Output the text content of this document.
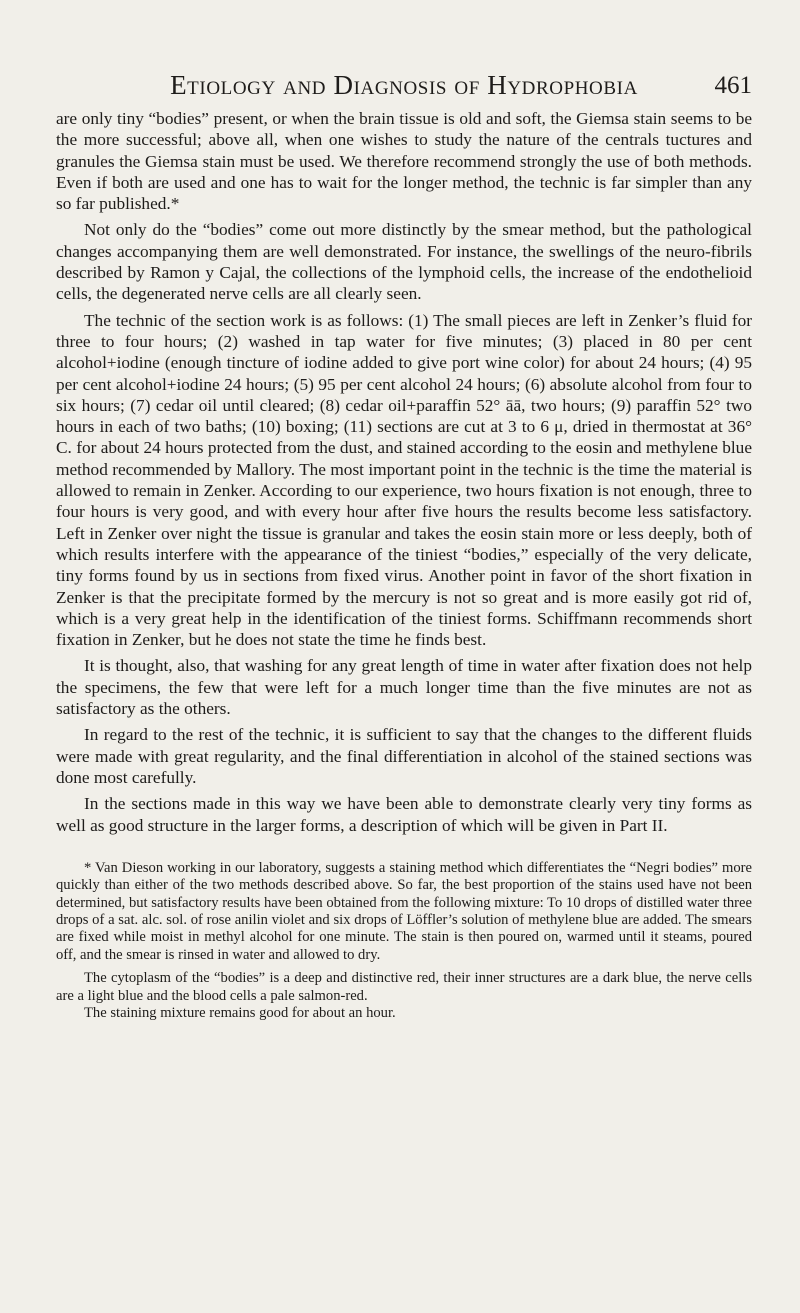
Etiology and Diagnosis of Hydrophobia	461

are only tiny “bodies” present, or when the brain tissue is old and soft, the Giemsa stain seems to be the more successful; above all, when one wishes to study the nature of the centrals tuctures and granules the Giemsa stain must be used. We therefore recommend strongly the use of both methods. Even if both are used and one has to wait for the longer method, the technic is far simpler than any so far published.*

Not only do the “bodies” come out more distinctly by the smear method, but the pathological changes accompanying them are well demonstrated. For instance, the swellings of the neuro-fibrils described by Ramon y Cajal, the collections of the lymphoid cells, the increase of the endothelioid cells, the degenerated nerve cells are all clearly seen.

The technic of the section work is as follows: (1) The small pieces are left in Zenker’s fluid for three to four hours; (2) washed in tap water for five minutes; (3) placed in 80 per cent alcohol+iodine (enough tincture of iodine added to give port wine color) for about 24 hours; (4) 95 per cent alcohol+iodine 24 hours; (5) 95 per cent alcohol 24 hours; (6) absolute alcohol from four to six hours; (7) cedar oil until cleared; (8) cedar oil+paraffin 52° āā, two hours; (9) paraffin 52° two hours in each of two baths; (10) boxing; (11) sections are cut at 3 to 6 μ, dried in thermostat at 36° C. for about 24 hours protected from the dust, and stained according to the eosin and methylene blue method recommended by Mallory. The most important point in the technic is the time the material is allowed to remain in Zenker. According to our experience, two hours fixation is not enough, three to four hours is very good, and with every hour after five hours the results become less satisfactory. Left in Zenker over night the tissue is granular and takes the eosin stain more or less deeply, both of which results interfere with the appearance of the tiniest “bodies,” especially of the very delicate, tiny forms found by us in sections from fixed virus. Another point in favor of the short fixation in Zenker is that the precipitate formed by the mercury is not so great and is more easily got rid of, which is a very great help in the identification of the tiniest forms. Schiffmann recommends short fixation in Zenker, but he does not state the time he finds best.

It is thought, also, that washing for any great length of time in water after fixation does not help the specimens, the few that were left for a much longer time than the five minutes are not as satisfactory as the others.

In regard to the rest of the technic, it is sufficient to say that the changes to the different fluids were made with great regularity, and the final differentiation in alcohol of the stained sections was done most carefully.

In the sections made in this way we have been able to demonstrate clearly very tiny forms as well as good structure in the larger forms, a description of which will be given in Part II.

* Van Dieson working in our laboratory, suggests a staining method which differentiates the “Negri bodies” more quickly than either of the two methods described above. So far, the best proportion of the stains used have not been determined, but satisfactory results have been obtained from the following mixture: To 10 drops of distilled water three drops of a sat. alc. sol. of rose anilin violet and six drops of Löffler’s solution of methylene blue are added. The smears are fixed while moist in methyl alcohol for one minute. The stain is then poured on, warmed until it steams, poured off, and the smear is rinsed in water and allowed to dry.

The cytoplasm of the “bodies” is a deep and distinctive red, their inner structures are a dark blue, the nerve cells are a light blue and the blood cells a pale salmon-red.

The staining mixture remains good for about an hour.
